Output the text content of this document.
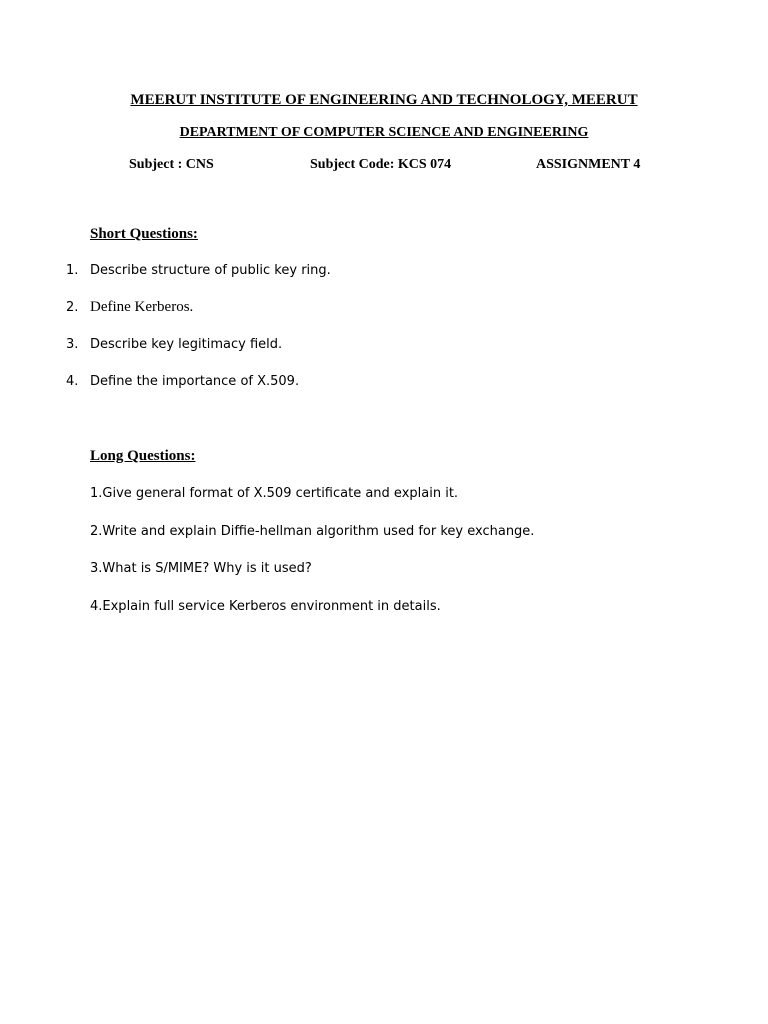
MEERUT INSTITUTE OF ENGINEERING AND TECHNOLOGY, MEERUT
DEPARTMENT OF COMPUTER SCIENCE AND ENGINEERING
Subject : CNS	Subject Code: KCS 074	ASSIGNMENT 4
Short Questions:
1. Describe structure of public key ring.
2. Define Kerberos.
3. Describe key legitimacy field.
4. Define the importance of X.509.
Long Questions:
1.Give general format of X.509 certificate and explain it.
2.Write and explain Diffie-hellman algorithm used for key exchange.
3.What is S/MIME? Why is it used?
4.Explain full service Kerberos environment in details.
